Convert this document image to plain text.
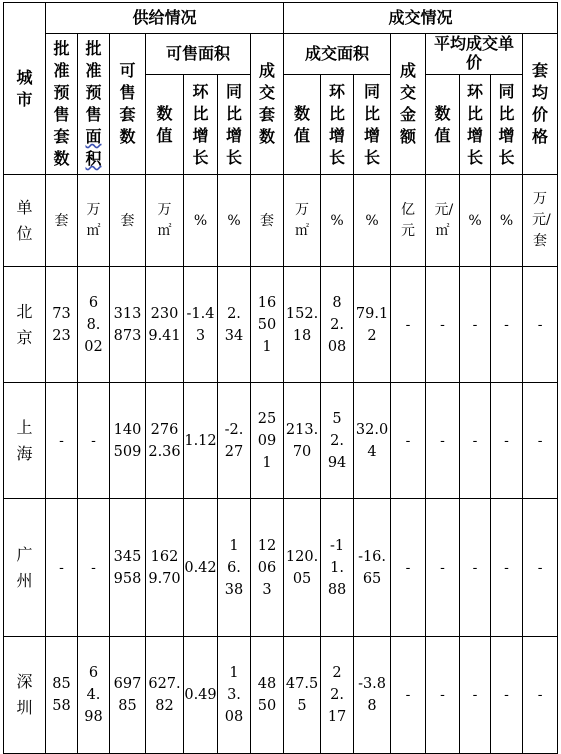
城市	供给情况							成交情况							
	批准预售套数	批准预售面积	可售套数	可售面积			成交套数	成交面积			成交金额	平均成交单价			套均价格
				数值	环比增长	同比增长		数值	环比增长	同比增长		数值	环比增长	同比增长	
单位	套	万㎡	套	万㎡	%	%	套	万㎡	%	%	亿元	元/㎡	%	%	万元/套
北京	7323	68.02	313873	2309.41	-1.43	2.34	16501	152.18	82.08	79.12	-	-	-	-	-
上海	-	-	140509	2762.36	1.12	-2.27	25091	213.70	52.94	32.04	-	-	-	-	-
广州	-	-	345958	1629.70	0.42	16.38	12063	120.05	-11.88	-16.65	-	-	-	-	-
深圳	8558	64.98	69785	627.82	0.49	13.08	4850	47.55	22.17	-3.88	-	-	-	-	-
